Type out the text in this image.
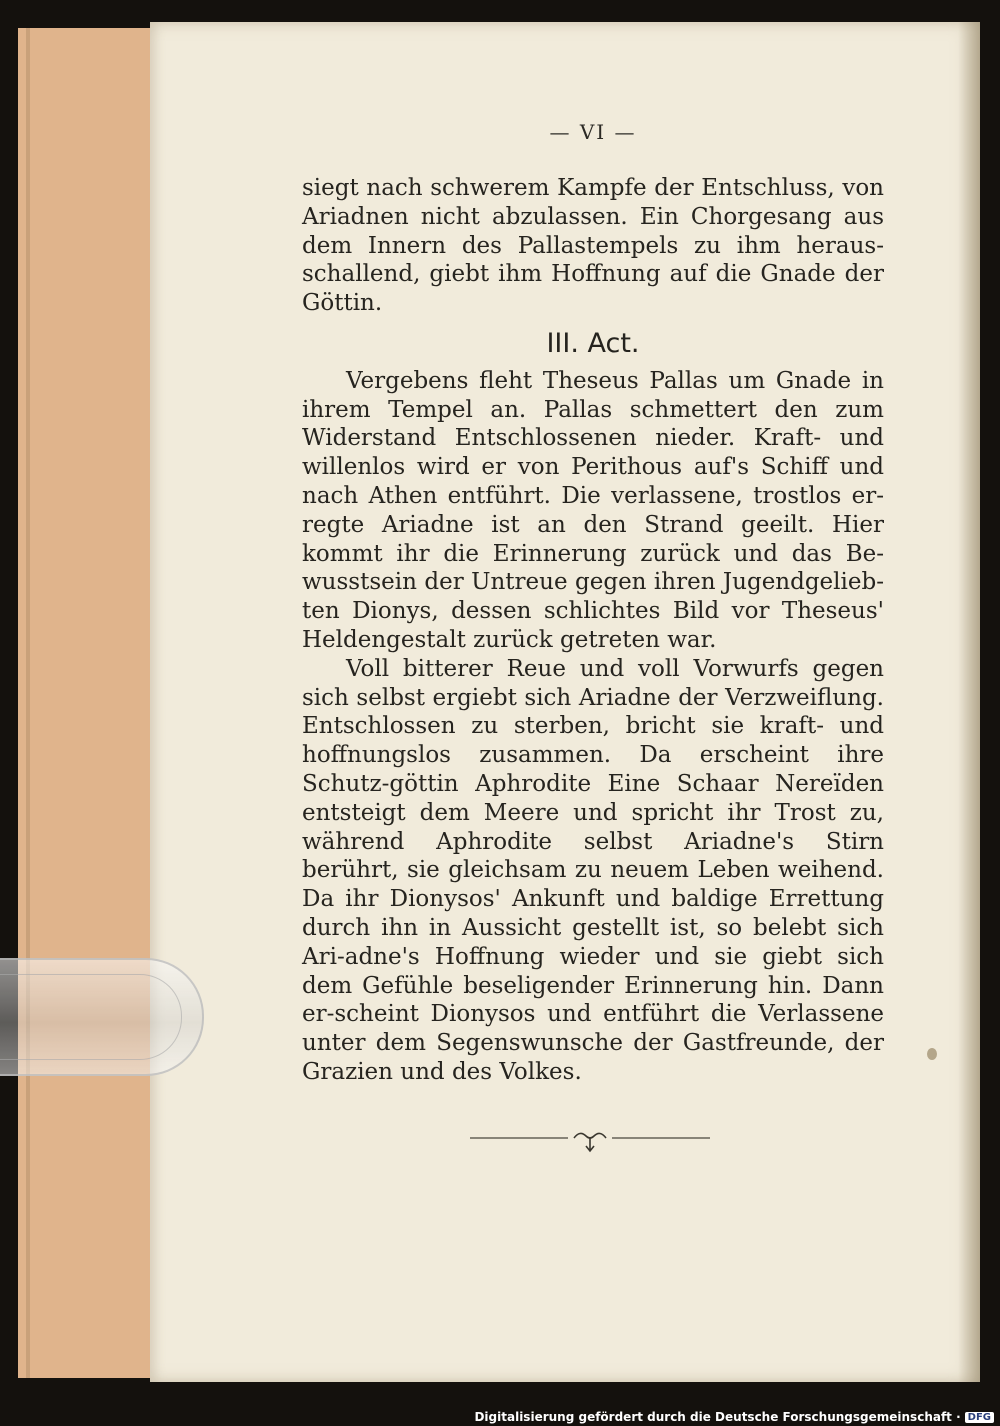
— VI —

siegt nach schwerem Kampfe der Entschluss, von Ariadnen nicht abzulassen. Ein Chorgesang aus dem Innern des Pallastempels zu ihm heraus-schallend, giebt ihm Hoffnung auf die Gnade der Göttin.

III. Act.

Vergebens fleht Theseus Pallas um Gnade in ihrem Tempel an. Pallas schmettert den zum Widerstand Entschlossenen nieder. Kraft- und willenlos wird er von Perithous auf's Schiff und nach Athen entführt. Die verlassene, trostlos er-regte Ariadne ist an den Strand geeilt. Hier kommt ihr die Erinnerung zurück und das Be-wusstsein der Untreue gegen ihren Jugendgelieb-ten Dionys, dessen schlichtes Bild vor Theseus' Heldengestalt zurück getreten war.

Voll bitterer Reue und voll Vorwurfs gegen sich selbst ergiebt sich Ariadne der Verzweiflung. Entschlossen zu sterben, bricht sie kraft- und hoffnungslos zusammen. Da erscheint ihre Schutz-göttin Aphrodite Eine Schaar Nereïden entsteigt dem Meere und spricht ihr Trost zu, während Aphrodite selbst Ariadne's Stirn berührt, sie gleichsam zu neuem Leben weihend. Da ihr Dionysos' Ankunft und baldige Errettung durch ihn in Aussicht gestellt ist, so belebt sich Ari-adne's Hoffnung wieder und sie giebt sich dem Gefühle beseligender Erinnerung hin. Dann er-scheint Dionysos und entführt die Verlassene unter dem Segenswunsche der Gastfreunde, der Grazien und des Volkes.

Digitalisierung gefördert durch die Deutsche Forschungsgemeinschaft · DFG
